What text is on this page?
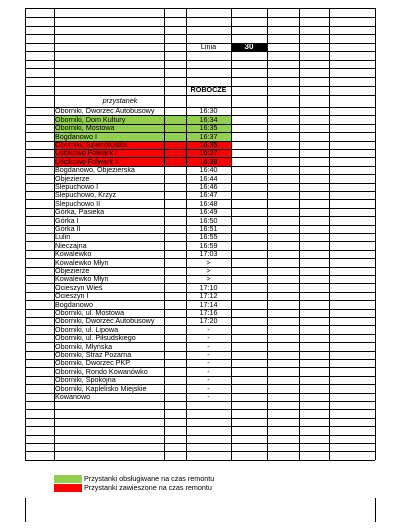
Linia	30
ROBOCZE
przystanek
Oborniki, Dworzec Autobusowy	16:30
Oborniki, Dom Kultury	16:34
Oborniki, Mostowa	16:35
Bogdanowo I	16:37
Oborniki, Szamotulska	16:35
Uścikowo Folwark I	16:37
Uścikowo Folwark II	16:38
Bogdanowo, Objezierska	16:40
Objezierze	16:44
Ślepuchowo I	16:46
Ślepuchowo, Krzyż	16:47
Ślepuchowo II	16:48
Górka, Pasieka	16:49
Górka I	16:50
Górka II	16:51
Lulin	16:55
Nieczajna	16:59
Kowalewko	17:03
Kowalewko Młyn	>
Objezierze	>
Kowalewko Młyn	>
Ocieszyn Wieś	17:10
Ocieszyn I	17:12
Bogdanowo	17:14
Oborniki, ul. Mostowa	17:16
Oborniki, Dworzec Autobusowy	17:20
Oborniki, ul. Lipowa	-
Oborniki, ul. Piłsudskiego	-
Oborniki, Młyńska	-
Oborniki, Straż Pożarna	-
Oborniki, Dworzec PKP	-
Oborniki, Rondo Kowanówko	-
Oborniki, Spokojna	-
Oborniki, Kaplelisko Miejskie	-
Kowanowo	-
Przystanki obsługiwane na czas remontu
Przystanki zawieszone na czas remontu
